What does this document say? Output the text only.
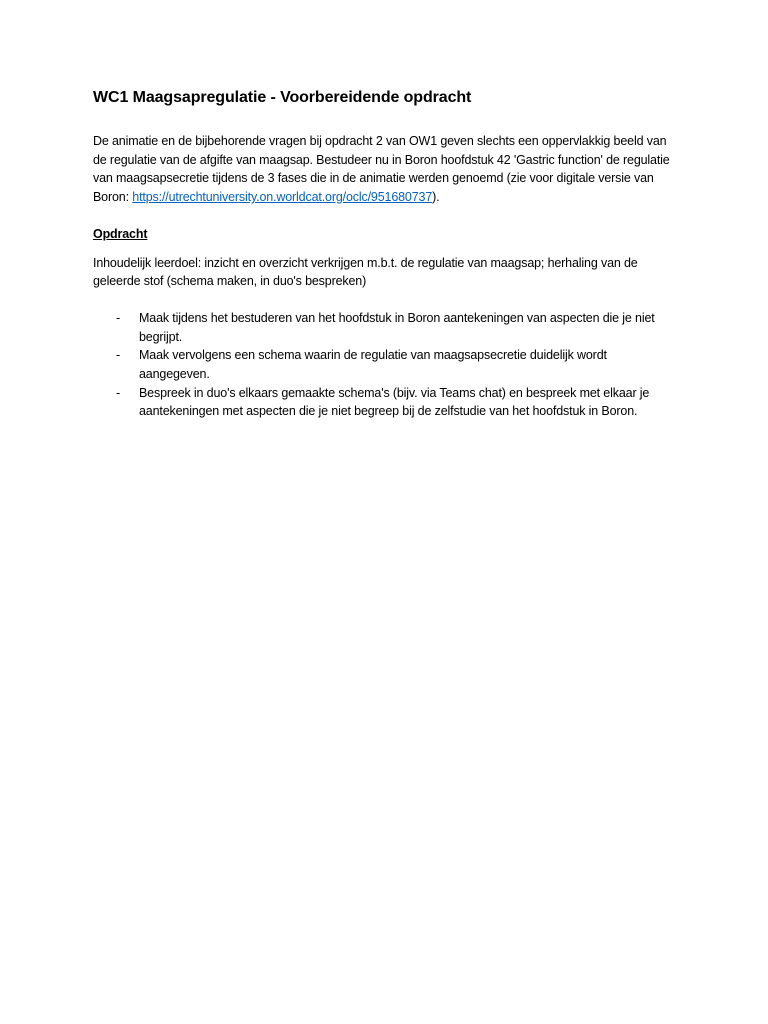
WC1 Maagsapregulatie - Voorbereidende opdracht

De animatie en de bijbehorende vragen bij opdracht 2 van OW1 geven slechts een oppervlakkig beeld van de regulatie van de afgifte van maagsap. Bestudeer nu in Boron hoofdstuk 42 'Gastric function' de regulatie van maagsapsecretie tijdens de 3 fases die in de animatie werden genoemd (zie voor digitale versie van Boron: https://utrechtuniversity.on.worldcat.org/oclc/951680737).

Opdracht

Inhoudelijk leerdoel: inzicht en overzicht verkrijgen m.b.t. de regulatie van maagsap; herhaling van de geleerde stof (schema maken, in duo's bespreken)

- Maak tijdens het bestuderen van het hoofdstuk in Boron aantekeningen van aspecten die je niet begrijpt.
- Maak vervolgens een schema waarin de regulatie van maagsapsecretie duidelijk wordt aangegeven.
- Bespreek in duo's elkaars gemaakte schema's (bijv. via Teams chat) en bespreek met elkaar je aantekeningen met aspecten die je niet begreep bij de zelfstudie van het hoofdstuk in Boron.
